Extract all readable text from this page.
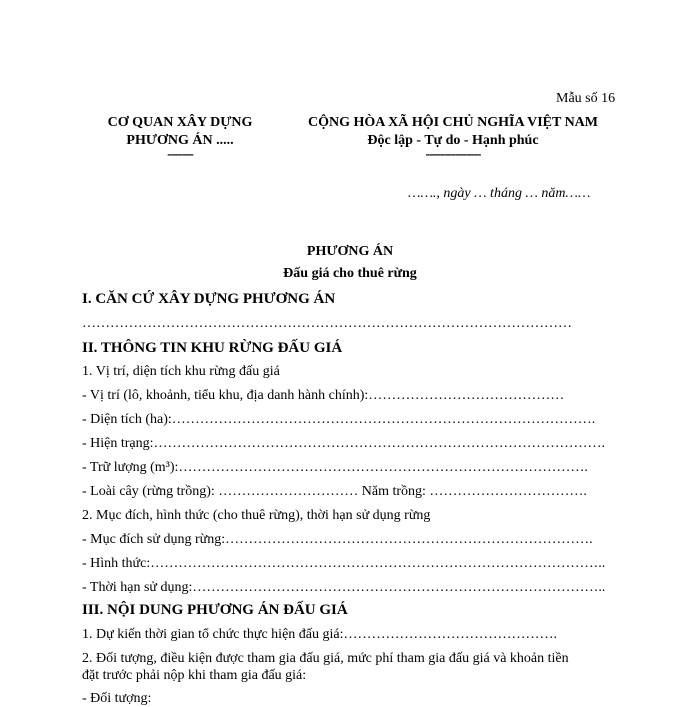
Mẫu số 16
CƠ QUAN XÂY DỰNG
PHƯƠNG ÁN .....
-------
CỘNG HÒA XÃ HỘI CHỦ NGHĨA VIỆT NAM
Độc lập - Tự do - Hạnh phúc
---------------
……., ngày … tháng … năm……
PHƯƠNG ÁN
Đấu giá cho thuê rừng
I. CĂN CỨ XÂY DỰNG PHƯƠNG ÁN
……………………………………………………………………………………………
II. THÔNG TIN KHU RỪNG ĐẤU GIÁ
1. Vị trí, diện tích khu rừng đấu giá
- Vị trí (lô, khoảnh, tiểu khu, địa danh hành chính):……………………………………
- Diện tích (ha):……………………………………………………………………………….
- Hiện trạng:…………………………………………………………………………………….
- Trữ lượng (m³):…………………………………………………………………………….
- Loài cây (rừng trồng): ………………………… Năm trồng: …………………………….
2. Mục đích, hình thức (cho thuê rừng), thời hạn sử dụng rừng
- Mục đích sử dụng rừng:…………………………………………………………………….
- Hình thức:……………………………………………………………………………………..
- Thời hạn sử dụng:……………………………………………………………………………..
III. NỘI DUNG PHƯƠNG ÁN ĐẤU GIÁ
1. Dự kiến thời gian tổ chức thực hiện đấu giá:……………………………………….
2. Đối tượng, điều kiện được tham gia đấu giá, mức phí tham gia đấu giá và khoản tiền
đặt trước phải nộp khi tham gia đấu giá:
- Đối tượng:
